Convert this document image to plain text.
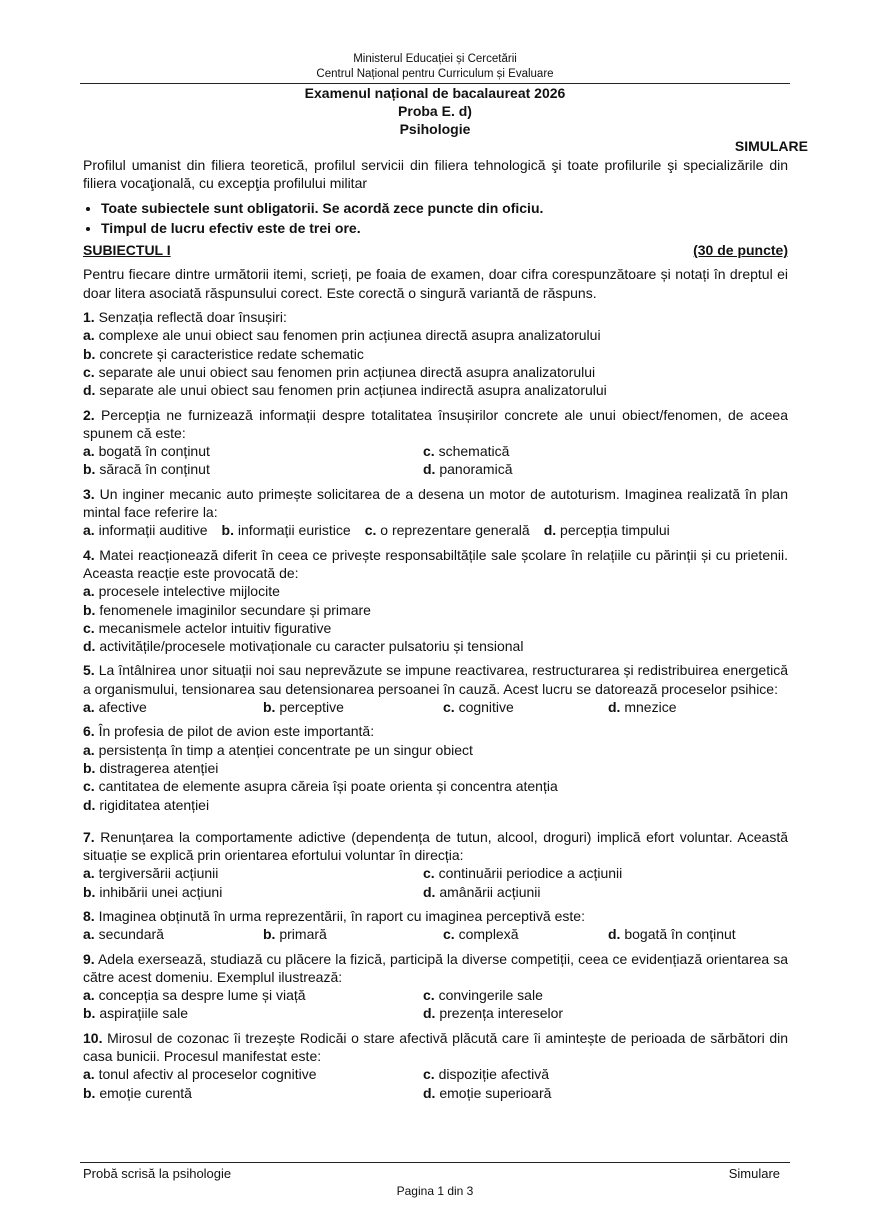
Ministerul Educației și Cercetării
Centrul Național pentru Curriculum și Evaluare
Examenul național de bacalaureat 2026
Proba E. d)
Psihologie
SIMULARE

Profilul umanist din filiera teoretică, profilul servicii din filiera tehnologică şi toate profilurile şi specializările din filiera vocaţională, cu excepţia profilului militar

• Toate subiectele sunt obligatorii. Se acordă zece puncte din oficiu.
• Timpul de lucru efectiv este de trei ore.
SUBIECTUL I	(30 de puncte)

Pentru fiecare dintre următorii itemi, scrieți, pe foaia de examen, doar cifra corespunzătoare și notați în dreptul ei doar litera asociată răspunsului corect. Este corectă o singură variantă de răspuns.

1. Senzația reflectă doar însușiri:

a. complexe ale unui obiect sau fenomen prin acțiunea directă asupra analizatorului
b. concrete și caracteristice redate schematic
c. separate ale unui obiect sau fenomen prin acțiunea directă asupra analizatorului
d. separate ale unui obiect sau fenomen prin acțiunea indirectă asupra analizatorului

2. Percepția ne furnizează informații despre totalitatea însușirilor concrete ale unui obiect/fenomen, de aceea spunem că este:

a. bogată în conținut	c. schematică
b. săracă în conținut	d. panoramică

3. Un inginer mecanic auto primește solicitarea de a desena un motor de autoturism. Imaginea realizată în plan mintal face referire la:

a. informații auditive b. informații euristice c. o reprezentare generală d. percepția timpului

4. Matei reacționează diferit în ceea ce privește responsabiltățile sale școlare în relațiile cu părinții și cu prietenii. Aceasta reacție este provocată de:

a. procesele intelective mijlocite
b. fenomenele imaginilor secundare și primare
c. mecanismele actelor intuitiv figurative
d. activitățile/procesele motivaționale cu caracter pulsatoriu și tensional

5. La întâlnirea unor situații noi sau neprevăzute se impune reactivarea, restructurarea și redistribuirea energetică a organismului, tensionarea sau detensionarea persoanei în cauză. Acest lucru se datorează proceselor psihice:

a. afective	b. perceptive	c. cognitive	d. mnezice

6. În profesia de pilot de avion este importantă:

a. persistența în timp a atenției concentrate pe un singur obiect
b. distragerea atenției
c. cantitatea de elemente asupra căreia își poate orienta și concentra atenția
d. rigiditatea atenției

7. Renunțarea la comportamente adictive (dependența de tutun, alcool, droguri) implică efort voluntar. Această situație se explică prin orientarea efortului voluntar în direcția:

a. tergiversării acțiunii	c. continuării periodice a acțiunii
b. inhibării unei acțiuni	d. amânării acțiunii

8. Imaginea obținută în urma reprezentării, în raport cu imaginea perceptivă este:

a. secundară	b. primară	c. complexă	d. bogată în conținut

9. Adela exersează, studiază cu plăcere la fizică, participă la diverse competiții, ceea ce evidențiază orientarea sa către acest domeniu. Exemplul ilustrează:

a. concepția sa despre lume și viață	c. convingerile sale
b. aspirațiile sale	d. prezența intereselor

10. Mirosul de cozonac îi trezește Rodicăi o stare afectivă plăcută care îi amintește de perioada de sărbători din casa bunicii. Procesul manifestat este:

a. tonul afectiv al proceselor cognitive	c. dispoziție afectivă
b. emoție curentă	d. emoție superioară
Probă scrisă la psihologie	Simulare
Pagina 1 din 3
